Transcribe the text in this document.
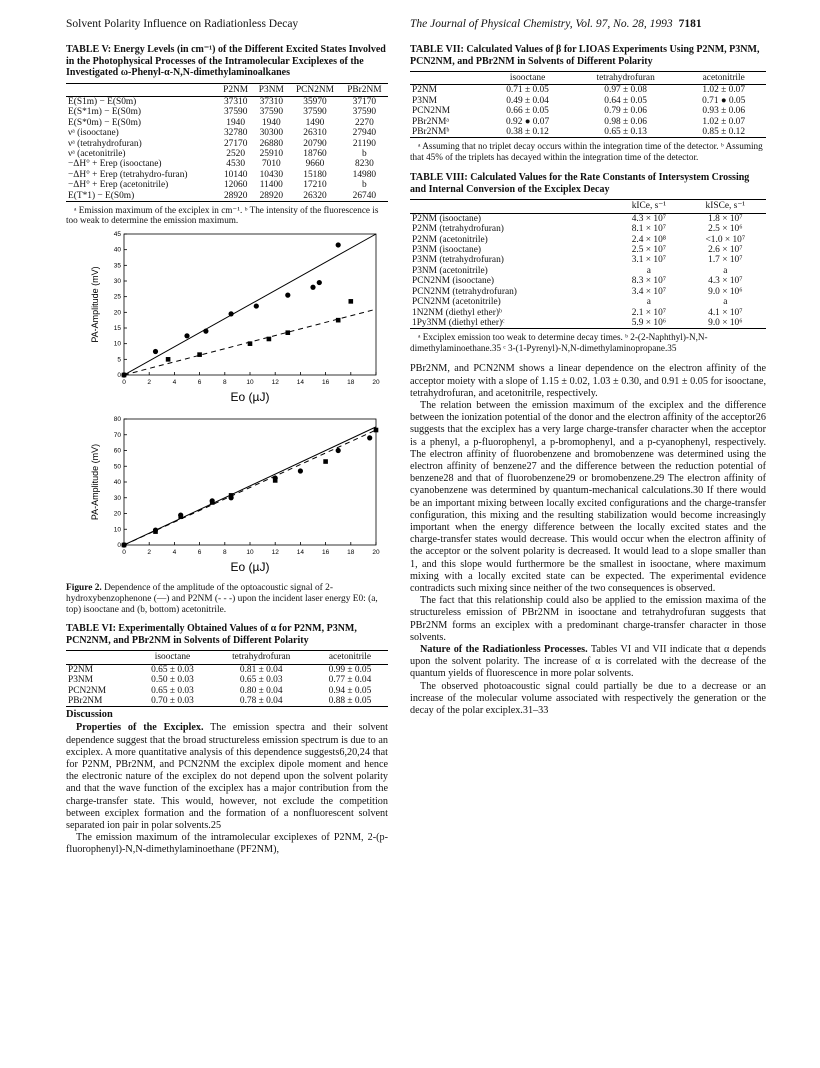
Solvent Polarity Influence on Radiationless Decay	The Journal of Physical Chemistry, Vol. 97, No. 28, 1993 7181

TABLE V: Energy Levels (in cm⁻¹) of the Different Excited States Involved in the Photophysical Processes of the Intramolecular Exciplexes of the Investigated ω-Phenyl-α-N,N-dimethylaminoalkanes

	P2NM	P3NM	PCN2NM	PBr2NM
E(S1m) − E(S0m)	37310	37310	35970	37170
E(S*1m) − E(S0m)	37590	37590	37590	37590
E(S*0m) − E(S0m)	1940	1940	1490	2270
νᵃ (isooctane)	32780	30300	26310	27940
νᵃ (tetrahydrofuran)	27170	26880	20790	21190
νᵃ (acetonitrile)	2520	25910	18760	b
−ΔH° + Erep (isooctane)	4530	7010	9660	8230
−ΔH° + Erep (tetrahydro-furan)	10140	10430	15180	14980
−ΔH° + Erep (acetonitrile)	12060	11400	17210	b
E(T*1) − E(S0m)	28920	28920	26320	26740

ᵃ Emission maximum of the exciplex in cm⁻¹. ᵇ The intensity of the fluorescence is too weak to determine the emission maximum.

0	2	4	6	8	10	12	14	16	18	20
0
5
10
15
20
25
30
35
40
45
Eo (µJ)
PA-Amplitude (mV)
0	2	4	6	8	10	12	14	16	18	20
0
10
20
30
40
50
60
70
80
Eo (µJ)
PA-Amplitude (mV)

Figure 2. Dependence of the amplitude of the optoacoustic signal of 2-hydroxybenzophenone (—) and P2NM (- - -) upon the incident laser energy E0: (a, top) isooctane and (b, bottom) acetonitrile.

TABLE VI: Experimentally Obtained Values of α for P2NM, P3NM, PCN2NM, and PBr2NM in Solvents of Different Polarity

	isooctane	tetrahydrofuran	acetonitrile
P2NM	0.65 ± 0.03	0.81 ± 0.04	0.99 ± 0.05
P3NM	0.50 ± 0.03	0.65 ± 0.03	0.77 ± 0.04
PCN2NM	0.65 ± 0.03	0.80 ± 0.04	0.94 ± 0.05
PBr2NM	0.70 ± 0.03	0.78 ± 0.04	0.88 ± 0.05

Discussion

Properties of the Exciplex. The emission spectra and their solvent dependence suggest that the broad structureless emission spectrum is due to an exciplex. A more quantitative analysis of this dependence suggests6,20,24 that for P2NM, PBr2NM, and PCN2NM the exciplex dipole moment and hence the electronic nature of the exciplex do not depend upon the solvent polarity and that the wave function of the exciplex has a major contribution from the charge-transfer state. This would, however, not exclude the competition between exciplex formation and the formation of a nonfluorescent solvent separated ion pair in polar solvents.25

The emission maximum of the intramolecular exciplexes of P2NM, 2-(p-fluorophenyl)-N,N-dimethylaminoethane (PF2NM),

TABLE VII: Calculated Values of β for LIOAS Experiments Using P2NM, P3NM, PCN2NM, and PBr2NM in Solvents of Different Polarity

	isooctane	tetrahydrofuran	acetonitrile
P2NM	0.71 ± 0.05	0.97 ± 0.08	1.02 ± 0.07
P3NM	0.49 ± 0.04	0.64 ± 0.05	0.71 ● 0.05
PCN2NM	0.66 ± 0.05	0.79 ± 0.06	0.93 ± 0.06
PBr2NMᵃ	0.92 ● 0.07	0.98 ± 0.06	1.02 ± 0.07
PBr2NMᵇ	0.38 ± 0.12	0.65 ± 0.13	0.85 ± 0.12

ᵃ Assuming that no triplet decay occurs within the integration time of the detector. ᵇ Assuming that 45% of the triplets has decayed within the integration time of the detector.

TABLE VIII: Calculated Values for the Rate Constants of Intersystem Crossing and Internal Conversion of the Exciplex Decay

	kICe, s⁻¹	kISCe, s⁻¹
P2NM (isooctane)	4.3 × 10⁷	1.8 × 10⁷
P2NM (tetrahydrofuran)	8.1 × 10⁷	2.5 × 10⁶
P2NM (acetonitrile)	2.4 × 10⁸	<1.0 × 10⁷
P3NM (isooctane)	2.5 × 10⁷	2.6 × 10⁷
P3NM (tetrahydrofuran)	3.1 × 10⁷	1.7 × 10⁷
P3NM (acetonitrile)	a	a
PCN2NM (isooctane)	8.3 × 10⁷	4.3 × 10⁷
PCN2NM (tetrahydrofuran)	3.4 × 10⁷	9.0 × 10⁶
PCN2NM (acetonitrile)	a	a
1N2NM (diethyl ether)ᵇ	2.1 × 10⁷	4.1 × 10⁷
1Py3NM (diethyl ether)ᶜ	5.9 × 10⁶	9.0 × 10⁶

ᵃ Exciplex emission too weak to determine decay times. ᵇ 2-(2-Naphthyl)-N,N-dimethylaminoethane.35 ᶜ 3-(1-Pyrenyl)-N,N-dimethylaminopropane.35

PBr2NM, and PCN2NM shows a linear dependence on the electron affinity of the acceptor moiety with a slope of 1.15 ± 0.02, 1.03 ± 0.30, and 0.91 ± 0.05 for isooctane, tetrahydrofuran, and acetonitrile, respectively.

The relation between the emission maximum of the exciplex and the difference between the ionization potential of the donor and the electron affinity of the acceptor26 suggests that the exciplex has a very large charge-transfer character when the acceptor is a phenyl, a p-fluorophenyl, a p-bromophenyl, and a p-cyanophenyl, respectively. The electron affinity of fluorobenzene and bromobenzene was determined using the electron affinity of benzene27 and the difference between the reduction potential of benzene28 and that of fluorobenzene29 or bromobenzene.29 The electron affinity of cyanobenzene was determined by quantum-mechanical calculations.30 If there would be an important mixing between locally excited configurations and the charge-transfer configuration, this mixing and the resulting stabilization would become increasingly important when the energy difference between the locally excited states and the charge-transfer states would decrease. This would occur when the electron affinity of the acceptor or the solvent polarity is decreased. It would lead to a slope smaller than 1, and this slope would furthermore be the smallest in isooctane, where maximum mixing with a locally excited state can be expected. The experimental evidence contradicts such mixing since neither of the two consequences is observed.

The fact that this relationship could also be applied to the emission maxima of the structureless emission of PBr2NM in isooctane and tetrahydrofuran suggests that PBr2NM forms an exciplex with a predominant charge-transfer character in those solvents.

Nature of the Radiationless Processes. Tables VI and VII indicate that α depends upon the solvent polarity. The increase of α is correlated with the decrease of the quantum yields of fluorescence in more polar solvents.

The observed photoacoustic signal could partially be due to a decrease or an increase of the molecular volume associated with respectively the generation or the decay of the polar exciplex.31–33
